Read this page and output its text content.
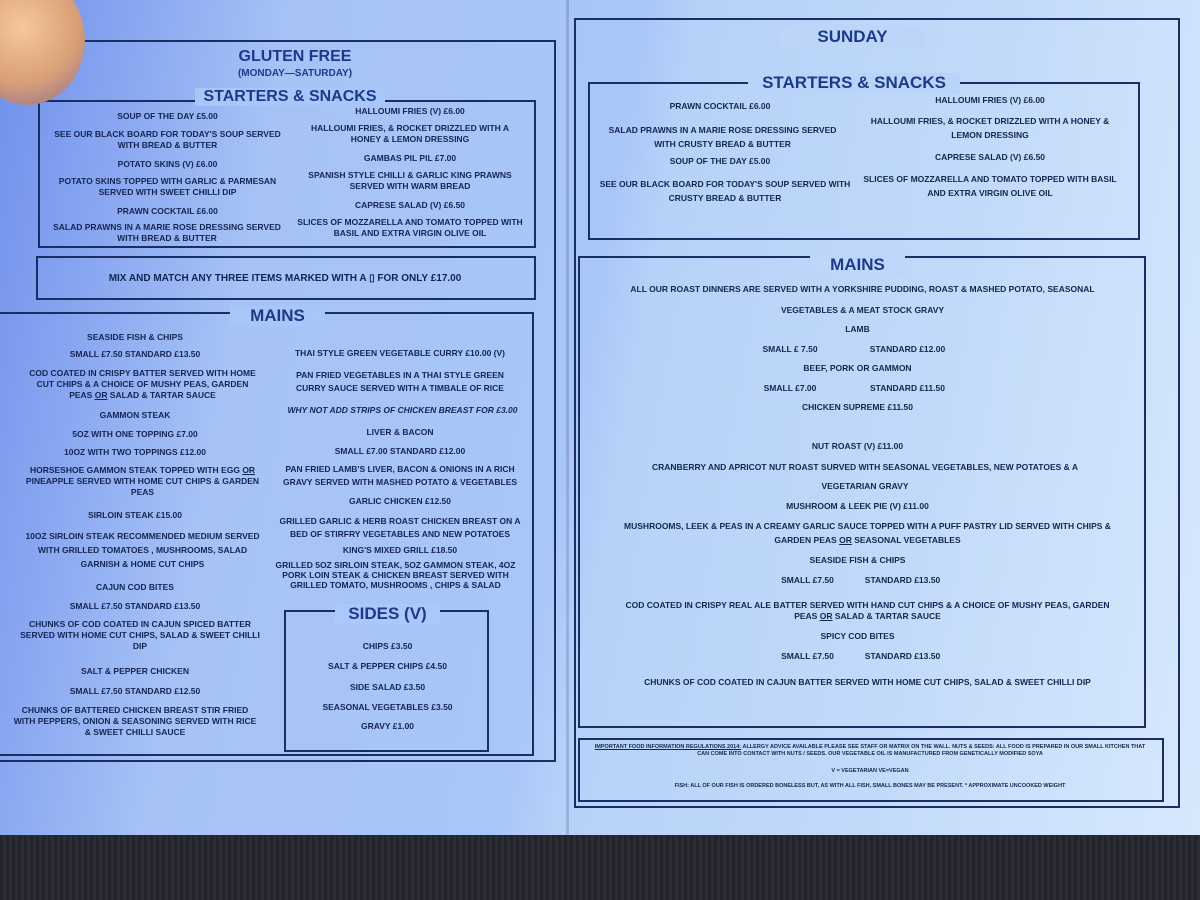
GLUTEN FREE
(MONDAY—SATURDAY)
STARTERS & SNACKS
SOUP OF THE DAY £5.00
SEE OUR BLACK BOARD FOR TODAY'S SOUP SERVED WITH BREAD & BUTTER
POTATO SKINS (V) £6.00
POTATO SKINS TOPPED WITH GARLIC & PARMESAN SERVED WITH SWEET CHILLI DIP
PRAWN COCKTAIL £6.00
SALAD PRAWNS IN A MARIE ROSE DRESSING SERVED WITH BREAD & BUTTER
HALLOUMI FRIES (V) £6.00
HALLOUMI FRIES, & ROCKET DRIZZLED WITH A HONEY & LEMON DRESSING
GAMBAS PIL PIL £7.00
SPANISH STYLE CHILLI & GARLIC KING PRAWNS SERVED WITH WARM BREAD
CAPRESE SALAD (V) £6.50
SLICES OF MOZZARELLA AND TOMATO TOPPED WITH BASIL AND EXTRA VIRGIN OLIVE OIL
MIX AND MATCH ANY THREE ITEMS MARKED WITH A ▯ FOR ONLY £17.00
MAINS
SEASIDE FISH & CHIPS
SMALL £7.50 STANDARD £13.50
COD COATED IN CRISPY BATTER SERVED WITH HOME CUT CHIPS & A CHOICE OF MUSHY PEAS, GARDEN PEAS OR SALAD & TARTAR SAUCE
GAMMON STEAK
5OZ WITH ONE TOPPING £7.00
10OZ WITH TWO TOPPINGS £12.00
HORSESHOE GAMMON STEAK TOPPED WITH EGG OR PINEAPPLE SERVED WITH HOME CUT CHIPS & GARDEN PEAS
SIRLOIN STEAK £15.00
10OZ SIRLOIN STEAK RECOMMENDED MEDIUM SERVED WITH GRILLED TOMATOES , MUSHROOMS, SALAD GARNISH & HOME CUT CHIPS
CAJUN COD BITES
SMALL £7.50 STANDARD £13.50
CHUNKS OF COD COATED IN CAJUN SPICED BATTER SERVED WITH HOME CUT CHIPS, SALAD & SWEET CHILLI DIP
SALT & PEPPER CHICKEN
SMALL £7.50 STANDARD £12.50
CHUNKS OF BATTERED CHICKEN BREAST STIR FRIED WITH PEPPERS, ONION & SEASONING SERVED WITH RICE & SWEET CHILLI SAUCE
THAI STYLE GREEN VEGETABLE CURRY £10.00 (V)
PAN FRIED VEGETABLES IN A THAI STYLE GREEN CURRY SAUCE SERVED WITH A TIMBALE OF RICE
WHY NOT ADD STRIPS OF CHICKEN BREAST FOR £3.00
LIVER & BACON
SMALL £7.00 STANDARD £12.00
PAN FRIED LAMB'S LIVER, BACON & ONIONS IN A RICH GRAVY SERVED WITH MASHED POTATO & VEGETABLES
GARLIC CHICKEN £12.50
GRILLED GARLIC & HERB ROAST CHICKEN BREAST ON A BED OF STIRFRY VEGETABLES AND NEW POTATOES
KING'S MIXED GRILL £18.50
GRILLED 5OZ SIRLOIN STEAK, 5OZ GAMMON STEAK, 4OZ PORK LOIN STEAK & CHICKEN BREAST SERVED WITH GRILLED TOMATO, MUSHROOMS , CHIPS & SALAD
SIDES (V)
CHIPS £3.50
SALT & PEPPER CHIPS £4.50
SIDE SALAD £3.50
SEASONAL VEGETABLES £3.50
GRAVY £1.00
SUNDAY
STARTERS & SNACKS
PRAWN COCKTAIL £6.00
SALAD PRAWNS IN A MARIE ROSE DRESSING SERVED WITH CRUSTY BREAD & BUTTER
SOUP OF THE DAY £5.00
SEE OUR BLACK BOARD FOR TODAY'S SOUP SERVED WITH CRUSTY BREAD & BUTTER
HALLOUMI FRIES (V) £6.00
HALLOUMI FRIES, & ROCKET DRIZZLED WITH A HONEY & LEMON DRESSING
CAPRESE SALAD (V) £6.50
SLICES OF MOZZARELLA AND TOMATO TOPPED WITH BASIL AND EXTRA VIRGIN OLIVE OIL
MAINS
ALL OUR ROAST DINNERS ARE SERVED WITH A YORKSHIRE PUDDING, ROAST & MASHED POTATO, SEASONAL
VEGETABLES & A MEAT STOCK GRAVY
LAMB
SMALL £ 7.50	STANDARD £12.00
BEEF, PORK OR GAMMON
SMALL £7.00	STANDARD £11.50
CHICKEN SUPREME £11.50
NUT ROAST (V) £11.00
CRANBERRY AND APRICOT NUT ROAST SURVED WITH SEASONAL VEGETABLES, NEW POTATOES & A
VEGETARIAN GRAVY
MUSHROOM & LEEK PIE (V) £11.00
MUSHROOMS, LEEK & PEAS IN A CREAMY GARLIC SAUCE TOPPED WITH A PUFF PASTRY LID SERVED WITH CHIPS &
GARDEN PEAS OR SEASONAL VEGETABLES
SEASIDE FISH & CHIPS
SMALL £7.50	STANDARD £13.50
COD COATED IN CRISPY REAL ALE BATTER SERVED WITH HAND CUT CHIPS & A CHOICE OF MUSHY PEAS, GARDEN
PEAS OR SALAD & TARTAR SAUCE
SPICY COD BITES
SMALL £7.50	STANDARD £13.50
CHUNKS OF COD COATED IN CAJUN BATTER SERVED WITH HOME CUT CHIPS, SALAD & SWEET CHILLI DIP
IMPORTANT FOOD INFORMATION REGULATIONS 2014: ALLERGY ADVICE AVAILABLE PLEASE SEE STAFF OR MATRIX ON THE WALL. NUTS & SEEDS: ALL FOOD IS PREPARED IN OUR SMALL KITCHEN THAT CAN COME INTO CONTACT WITH NUTS / SEEDS. OUR VEGETABLE OIL IS MANUFACTURED FROM GENETICALLY MODIFIED SOYA
V = VEGETARIAN VE=VEGAN
FISH: ALL OF OUR FISH IS ORDERED BONELESS BUT, AS WITH ALL FISH, SMALL BONES MAY BE PRESENT. * APPROXIMATE UNCOOKED WEIGHT
